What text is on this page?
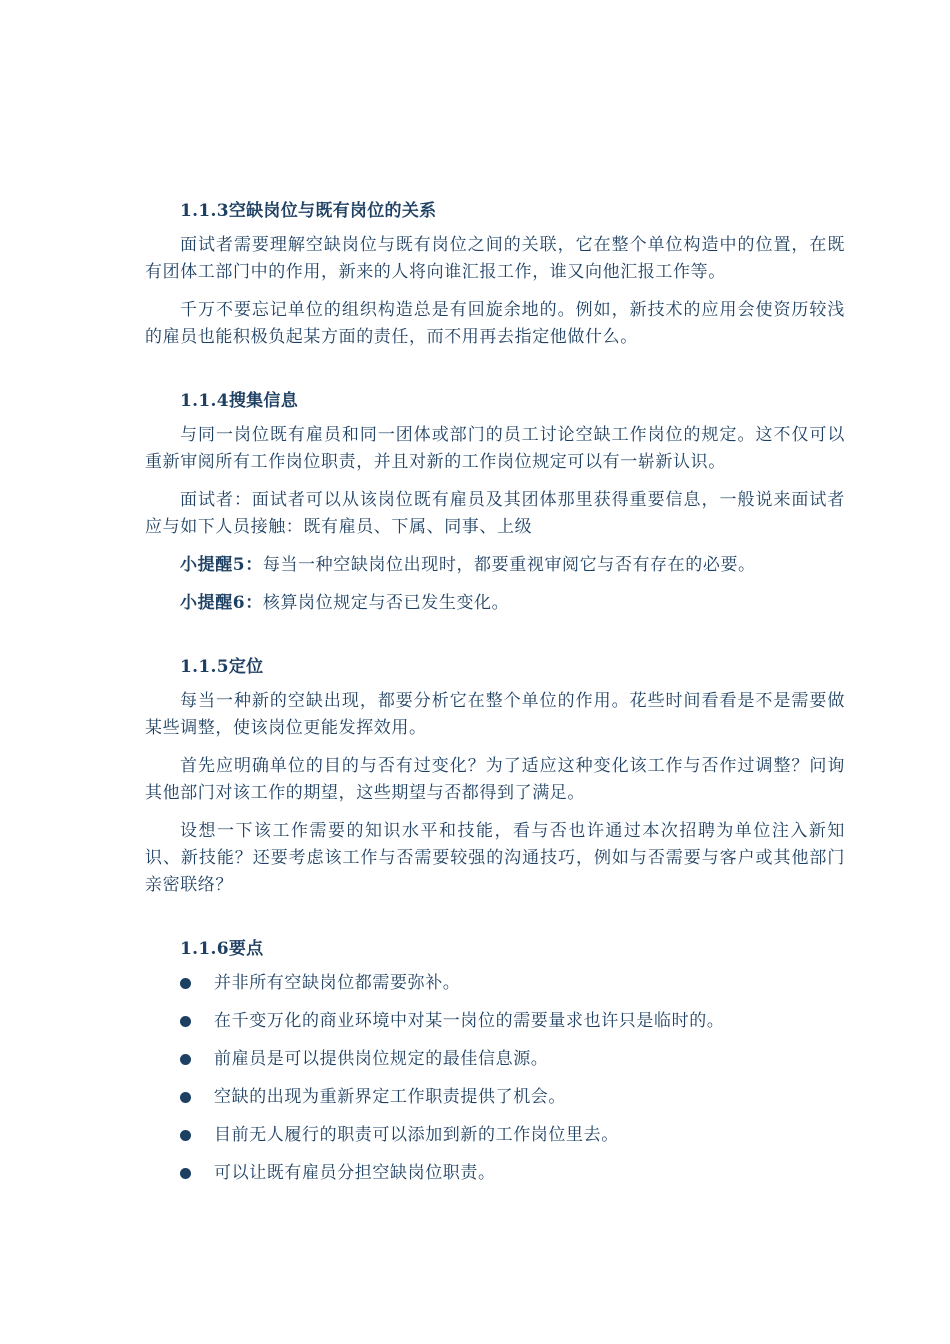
1.1.3空缺岗位与既有岗位的关系

面试者需要理解空缺岗位与既有岗位之间的关联，它在整个单位构造中的位置，在既有团体工部门中的作用，新来的人将向谁汇报工作，谁又向他汇报工作等。

千万不要忘记单位的组织构造总是有回旋余地的。例如，新技术的应用会使资历较浅的雇员也能积极负起某方面的责任，而不用再去指定他做什么。

1.1.4搜集信息

与同一岗位既有雇员和同一团体或部门的员工讨论空缺工作岗位的规定。这不仅可以重新审阅所有工作岗位职责，并且对新的工作岗位规定可以有一崭新认识。

面试者：面试者可以从该岗位既有雇员及其团体那里获得重要信息，一般说来面试者应与如下人员接触：既有雇员、下属、同事、上级

小提醒5：每当一种空缺岗位出现时，都要重视审阅它与否有存在的必要。

小提醒6：核算岗位规定与否已发生变化。

1.1.5定位

每当一种新的空缺出现，都要分析它在整个单位的作用。花些时间看看是不是需要做某些调整，使该岗位更能发挥效用。

首先应明确单位的目的与否有过变化？为了适应这种变化该工作与否作过调整？问询其他部门对该工作的期望，这些期望与否都得到了满足。

设想一下该工作需要的知识水平和技能，看与否也许通过本次招聘为单位注入新知识、新技能？还要考虑该工作与否需要较强的沟通技巧，例如与否需要与客户或其他部门亲密联络？

1.1.6要点
并非所有空缺岗位都需要弥补。
在千变万化的商业环境中对某一岗位的需要量求也许只是临时的。
前雇员是可以提供岗位规定的最佳信息源。
空缺的出现为重新界定工作职责提供了机会。
目前无人履行的职责可以添加到新的工作岗位里去。
可以让既有雇员分担空缺岗位职责。
